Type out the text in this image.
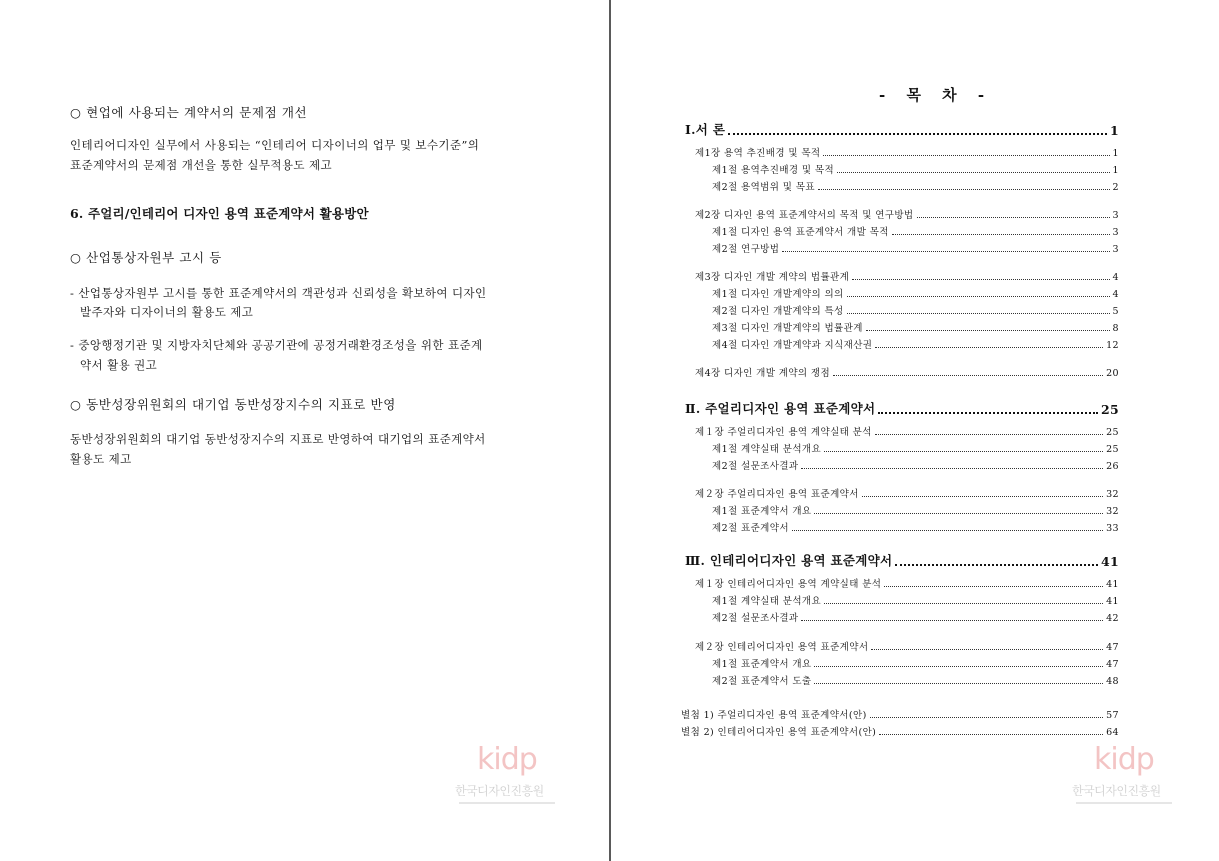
○ 현업에 사용되는 계약서의 문제점 개선
인테리어디자인 실무에서 사용되는 “인테리어 디자이너의 업무 및 보수기준”의
표준계약서의 문제점 개선을 통한 실무적용도 제고
6. 주얼리/인테리어 디자인 용역 표준계약서 활용방안
○ 산업통상자원부 고시 등
- 산업통상자원부 고시를 통한 표준계약서의 객관성과 신뢰성을 확보하여 디자인
발주자와 디자이너의 활용도 제고
- 중앙행정기관 및 지방자치단체와 공공기관에 공정거래환경조성을 위한 표준계
약서 활용 권고
○ 동반성장위원회의 대기업 동반성장지수의 지표로 반영
동반성장위원회의 대기업 동반성장지수의 지표로 반영하여 대기업의 표준계약서
활용도 제고
kidp
한국디자인진흥원
- 목 차 -
Ⅰ.서 론	1
제1장 용역 추진배경 및 목적	1
제1절 용역추진배경 및 목적	1
제2절 용역범위 및 목표	2
제2장 디자인 용역 표준계약서의 목적 및 연구방법	3
제1절 디자인 용역 표준계약서 개발 목적	3
제2절 연구방법	3
제3장 디자인 개발 계약의 법률관계	4
제1절 디자인 개발계약의 의의	4
제2절 디자인 개발계약의 특성	5
제3절 디자인 개발계약의 법률관계	8
제4절 디자인 개발계약과 지식재산권	12
제4장 디자인 개발 계약의 쟁점	20
Ⅱ. 주얼리디자인 용역 표준계약서	25
제１장 주얼리디자인 용역 계약실태 분석	25
제1절 계약실태 분석개요	25
제2절 설문조사결과	26
제２장 주얼리디자인 용역 표준계약서	32
제1절 표준계약서 개요	32
제2절 표준계약서	33
Ⅲ. 인테리어디자인 용역 표준계약서	41
제１장 인테리어디자인 용역 계약실태 분석	41
제1절 계약실태 분석개요	41
제2절 설문조사결과	42
제２장 인테리어디자인 용역 표준계약서	47
제1절 표준계약서 개요	47
제2절 표준계약서 도출	48
별첨 1) 주얼리디자인 용역 표준계약서(안)	57
별첨 2) 인테리어디자인 용역 표준계약서(안)	64
kidp
한국디자인진흥원
